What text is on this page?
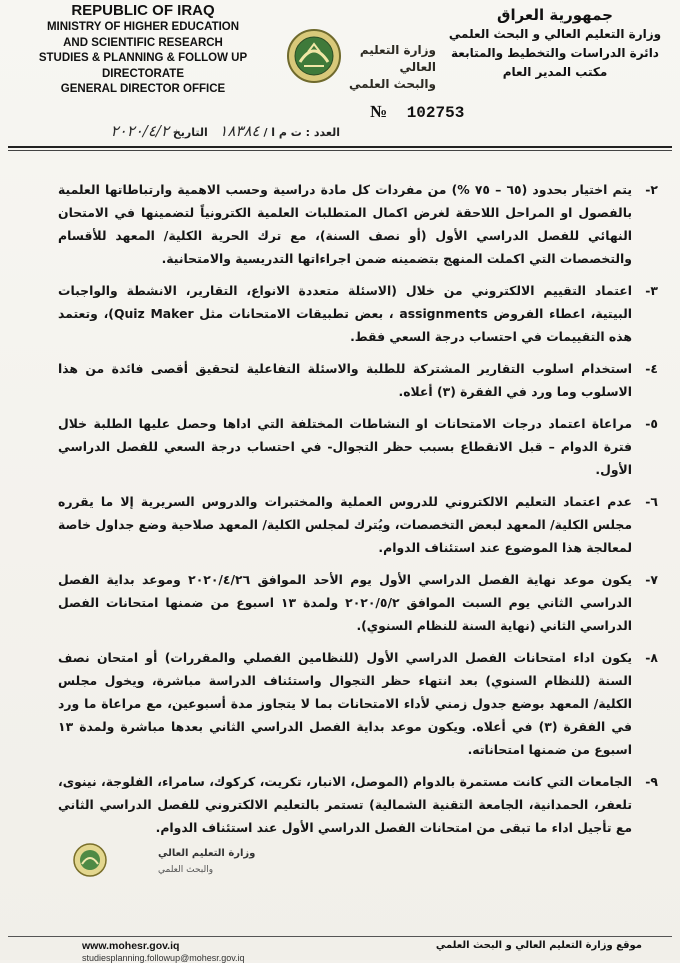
REPUBLIC OF IRAQ
MINISTRY OF HIGHER EDUCATION
AND SCIENTIFIC RESEARCH
STUDIES & PLANNING & FOLLOW UP DIRECTORATE
GENERAL DIRECTOR OFFICE
وزارة التعليم العالي
والبحث العلمي
جمهورية العراق
وزارة التعليم العالي و البحث العلمي
دائرة الدراسات والتخطيط والمتابعة
مكتب المدير العام
№ 102753
العدد : ت م ا / ١٨٣٨٤   التاريخ ٢٠٢٠/٤/٢
٢-
يتم اختيار بحدود (٦٥ – ٧٥ %) من مفردات كل مادة دراسية وحسب الاهمية وارتباطاتها العلمية بالفصول او المراحل اللاحقة لغرض اكمال المتطلبات العلمية الكترونياً لتضمينها في الامتحان النهائي للفصل الدراسي الأول (أو نصف السنة)، مع ترك الحرية الكلية/ المعهد للأقسام والتخصصات التي اكملت المنهج بتضمينه ضمن اجراءاتها التدريسية والامتحانية.
٣-
اعتماد التقييم الالكتروني من خلال (الاسئلة متعددة الانواع، التقارير، الانشطة والواجبات البيتية، اعطاء الفروض assignments ، بعض تطبيقات الامتحانات مثل Quiz Maker)، وتعتمد هذه التقييمات في احتساب درجة السعي فقط.
٤-
استخدام اسلوب التقارير المشتركة للطلبة والاسئلة التفاعلية لتحقيق أقصى فائدة من هذا الاسلوب وما ورد في الفقرة (٣) أعلاه.
٥-
مراعاة اعتماد درجات الامتحانات او النشاطات المختلفة التي اداها وحصل عليها الطلبة خلال فترة الدوام – قبل الانقطاع بسبب حظر التجوال- في احتساب درجة السعي للفصل الدراسي الأول.
٦-
عدم اعتماد التعليم الالكتروني للدروس العملية والمختبرات والدروس السريرية إلا ما يقرره مجلس الكلية/ المعهد لبعض التخصصات، ويُترك لمجلس الكلية/ المعهد صلاحية وضع جداول خاصة لمعالجة هذا الموضوع عند استئناف الدوام.
٧-
يكون موعد نهاية الفصل الدراسي الأول يوم الأحد الموافق ٢٠٢٠/٤/٢٦ وموعد بداية الفصل الدراسي الثاني يوم السبت الموافق ٢٠٢٠/٥/٢ ولمدة ١٣ اسبوع من ضمنها امتحانات الفصل الدراسي الثاني (نهاية السنة للنظام السنوي).
٨-
يكون اداء امتحانات الفصل الدراسي الأول (للنظامين الفصلي والمقررات) أو امتحان نصف السنة (للنظام السنوي) بعد انتهاء حظر التجوال واستئناف الدراسة مباشرة، ويخول مجلس الكلية/ المعهد بوضع جدول زمني لأداء الامتحانات بما لا يتجاوز مدة أسبوعين، مع مراعاة ما ورد في الفقرة (٣) في أعلاه. ويكون موعد بداية الفصل الدراسي الثاني بعدها مباشرة ولمدة ١٣ اسبوع من ضمنها امتحاناته.
٩-
الجامعات التي كانت مستمرة بالدوام (الموصل، الانبار، تكريت، كركوك، سامراء، الفلوجة، نينوى، تلعفر، الحمدانية، الجامعة التقنية الشمالية) تستمر بالتعليم الالكتروني للفصل الدراسي الثاني مع تأجيل اداء ما تبقى من امتحانات الفصل الدراسي الأول عند استئناف الدوام.
وزارة التعليم العالي
والبحث العلمي
www.mohesr.gov.iq
studiesplanning.followup@mohesr.gov.iq
موقع وزارة التعليم العالي و البحث العلمي
